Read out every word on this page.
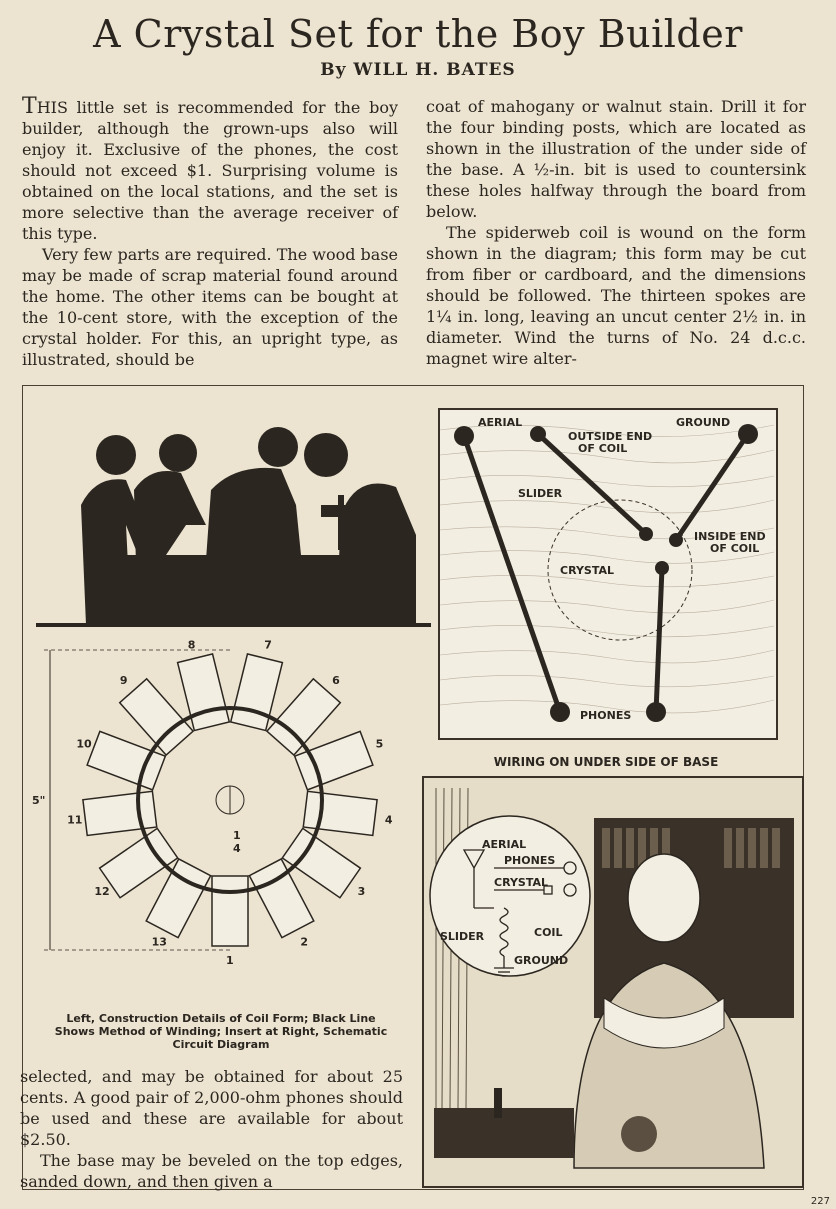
A Crystal Set for the Boy Builder
By WILL H. BATES

THIS little set is recommended for the boy builder, although the grown-ups also will enjoy it. Exclusive of the phones, the cost should not exceed $1. Surprising volume is obtained on the local stations, and the set is more selective than the average receiver of this type.

Very few parts are required. The wood base may be made of scrap material found around the home. The other items can be bought at the 10-cent store, with the exception of the crystal holder. For this, an upright type, as illustrated, should be

coat of mahogany or walnut stain. Drill it for the four binding posts, which are located as shown in the illustration of the under side of the base. A ½-in. bit is used to countersink these holes halfway through the board from below.

The spiderweb coil is wound on the form shown in the diagram; this form may be cut from fiber or cardboard, and the dimensions should be followed. The thirteen spokes are 1¼ in. long, leaving an uncut center 2½ in. in diameter. Wind the turns of No. 24 d.c.c. magnet wire alter-

AERIAL	GROUND
OUTSIDE END
OF COIL
SLIDER
INSIDE END
OF COIL
CRYSTAL
PHONES
WIRING ON UNDER SIDE OF BASE
5"
1
4
1
2
3
4
5
6
7
8
9
10
11
12
13
Left, Construction Details of Coil Form; Black Line
Shows Method of Winding; Insert at Right, Schematic
Circuit Diagram

selected, and may be obtained for about 25 cents. A good pair of 2,000-ohm phones should be used and these are available for about $2.50.

The base may be beveled on the top edges, sanded down, and then given a

AERIAL
PHONES
CRYSTAL
COIL
SLIDER
GROUND
227
